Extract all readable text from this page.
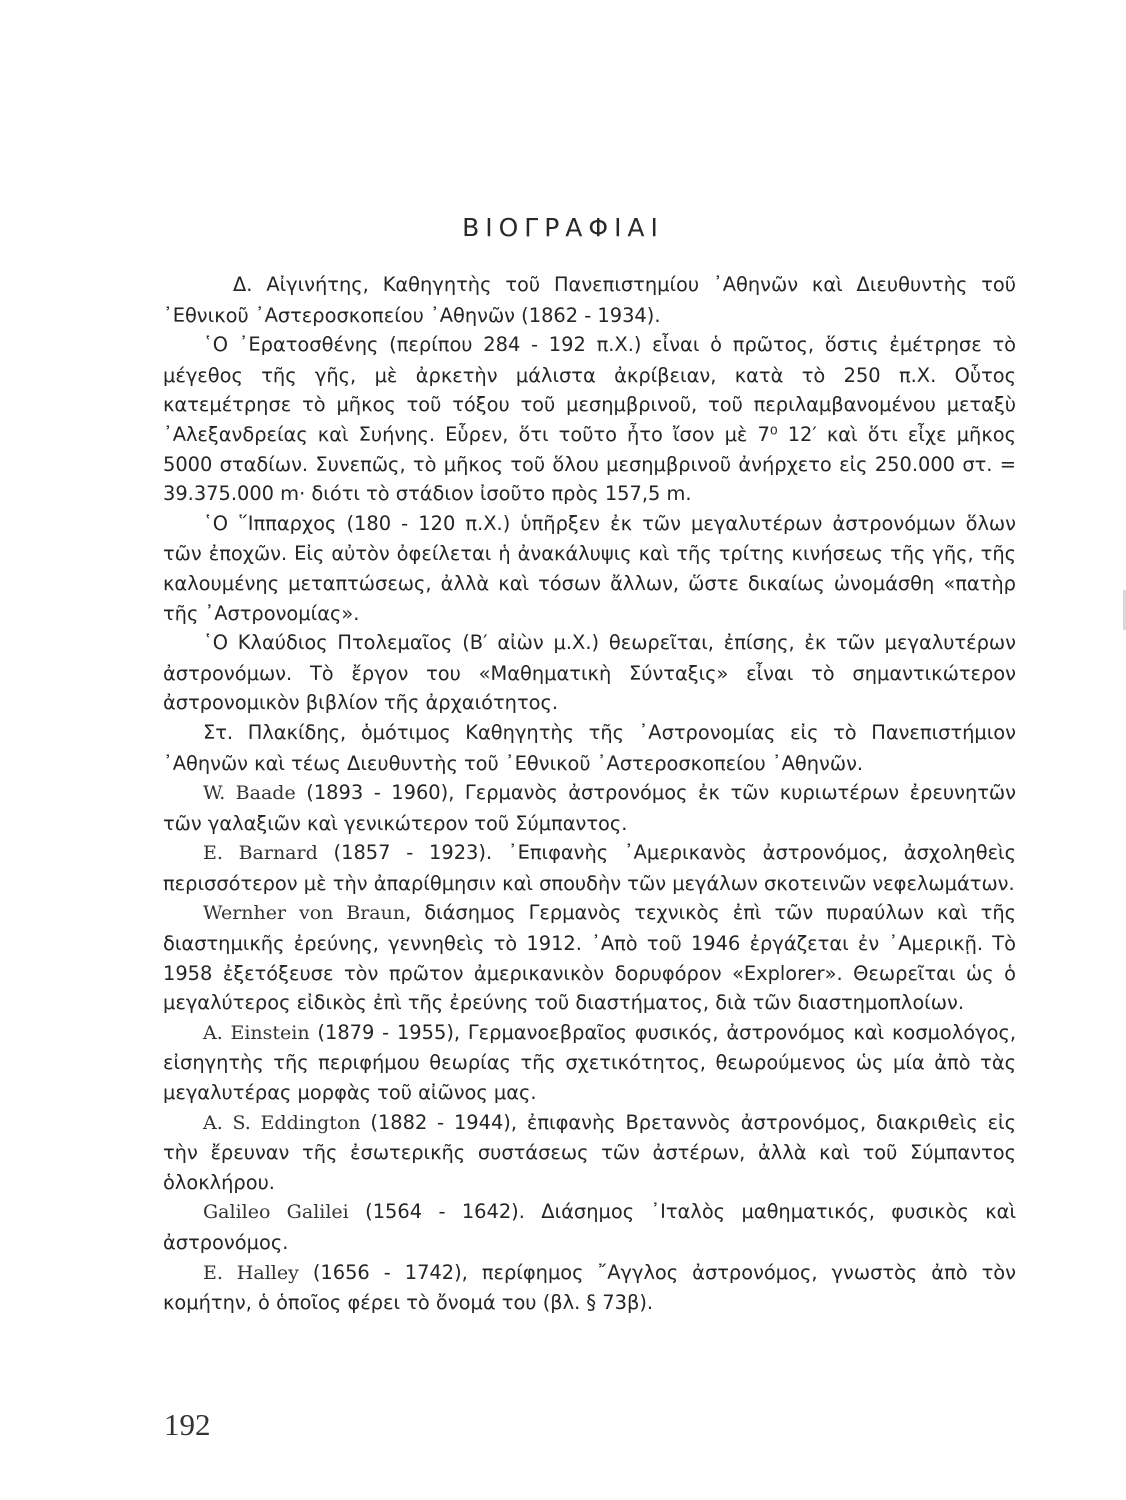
ΒΙΟΓΡΑΦΙΑΙ

Δ. Αἰγινήτης, Καθηγητὴς τοῦ Πανεπιστημίου ᾿Αθηνῶν καὶ Διευθυντὴς τοῦ ᾿Εθνικοῦ ᾿Αστεροσκοπείου ᾿Αθηνῶν (1862 - 1934).

῾Ο ᾿Ερατοσθένης (περίπου 284 - 192 π.Χ.) εἶναι ὁ πρῶτος, ὅστις ἐμέτρησε τὸ μέγεθος τῆς γῆς, μὲ ἀρκετὴν μάλιστα ἀκρίβειαν, κατὰ τὸ 250 π.Χ. Οὗτος κατεμέτρησε τὸ μῆκος τοῦ τόξου τοῦ μεσημβρινοῦ, τοῦ περιλαμβανομένου μεταξὺ ᾿Αλεξανδρείας καὶ Συήνης. Εὗρεν, ὅτι τοῦτο ἦτο ἴσον μὲ 7⁰ 12′ καὶ ὅτι εἶχε μῆκος 5000 σταδίων. Συνεπῶς, τὸ μῆκος τοῦ ὅλου μεσημβρινοῦ ἀνήρχετο εἰς 250.000 στ. = 39.375.000 m· διότι τὸ στάδιον ἰσοῦτο πρὸς 157,5 m.

῾Ο ῞Ιππαρχος (180 - 120 π.Χ.) ὑπῆρξεν ἐκ τῶν μεγαλυτέρων ἀστρονόμων ὅλων τῶν ἐποχῶν. Εἰς αὐτὸν ὀφείλεται ἡ ἀνακάλυψις καὶ τῆς τρίτης κινήσεως τῆς γῆς, τῆς καλουμένης μεταπτώσεως, ἀλλὰ καὶ τόσων ἄλλων, ὥστε δικαίως ὠνομάσθη «πατὴρ τῆς ᾿Αστρονομίας».

῾Ο Κλαύδιος Πτολεμαῖος (Β′ αἰὼν μ.Χ.) θεωρεῖται, ἐπίσης, ἐκ τῶν μεγαλυτέρων ἀστρονόμων. Τὸ ἔργον του «Μαθηματικὴ Σύνταξις» εἶναι τὸ σημαντικώτερον ἀστρονομικὸν βιβλίον τῆς ἀρχαιότητος.

Στ. Πλακίδης, ὁμότιμος Καθηγητὴς τῆς ᾿Αστρονομίας εἰς τὸ Πανεπιστήμιον ᾿Αθηνῶν καὶ τέως Διευθυντὴς τοῦ ᾿Εθνικοῦ ᾿Αστεροσκοπείου ᾿Αθηνῶν.

W. Baade (1893 - 1960), Γερμανὸς ἀστρονόμος ἐκ τῶν κυριωτέρων ἐρευνητῶν τῶν γαλαξιῶν καὶ γενικώτερον τοῦ Σύμπαντος.

E. Barnard (1857 - 1923). ᾿Επιφανὴς ᾿Αμερικανὸς ἀστρονόμος, ἀσχοληθεὶς περισσότερον μὲ τὴν ἀπαρίθμησιν καὶ σπουδὴν τῶν μεγάλων σκοτεινῶν νεφελωμάτων.

Wernher von Braun, διάσημος Γερμανὸς τεχνικὸς ἐπὶ τῶν πυραύλων καὶ τῆς διαστημικῆς ἐρεύνης, γεννηθεὶς τὸ 1912. ᾿Απὸ τοῦ 1946 ἐργάζεται ἐν ᾿Αμερικῇ. Τὸ 1958 ἐξετόξευσε τὸν πρῶτον ἀμερικανικὸν δορυφόρον «Explorer». Θεωρεῖται ὡς ὁ μεγαλύτερος εἰδικὸς ἐπὶ τῆς ἐρεύνης τοῦ διαστήματος, διὰ τῶν διαστημοπλοίων.

A. Einstein (1879 - 1955), Γερμανοεβραῖος φυσικός, ἀστρονόμος καὶ κοσμολόγος, εἰσηγητὴς τῆς περιφήμου θεωρίας τῆς σχετικότητος, θεωρούμενος ὡς μία ἀπὸ τὰς μεγαλυτέρας μορφὰς τοῦ αἰῶνος μας.

A. S. Eddington (1882 - 1944), ἐπιφανὴς Βρεταννὸς ἀστρονόμος, διακριθεὶς εἰς τὴν ἔρευναν τῆς ἐσωτερικῆς συστάσεως τῶν ἀστέρων, ἀλλὰ καὶ τοῦ Σύμπαντος ὁλοκλήρου.

Galileo Galilei (1564 - 1642). Διάσημος ᾿Ιταλὸς μαθηματικός, φυσικὸς καὶ ἀστρονόμος.

E. Halley (1656 - 1742), περίφημος ῎Αγγλος ἀστρονόμος, γνωστὸς ἀπὸ τὸν κομήτην, ὁ ὁποῖος φέρει τὸ ὄνομά του (βλ. § 73β).

192
